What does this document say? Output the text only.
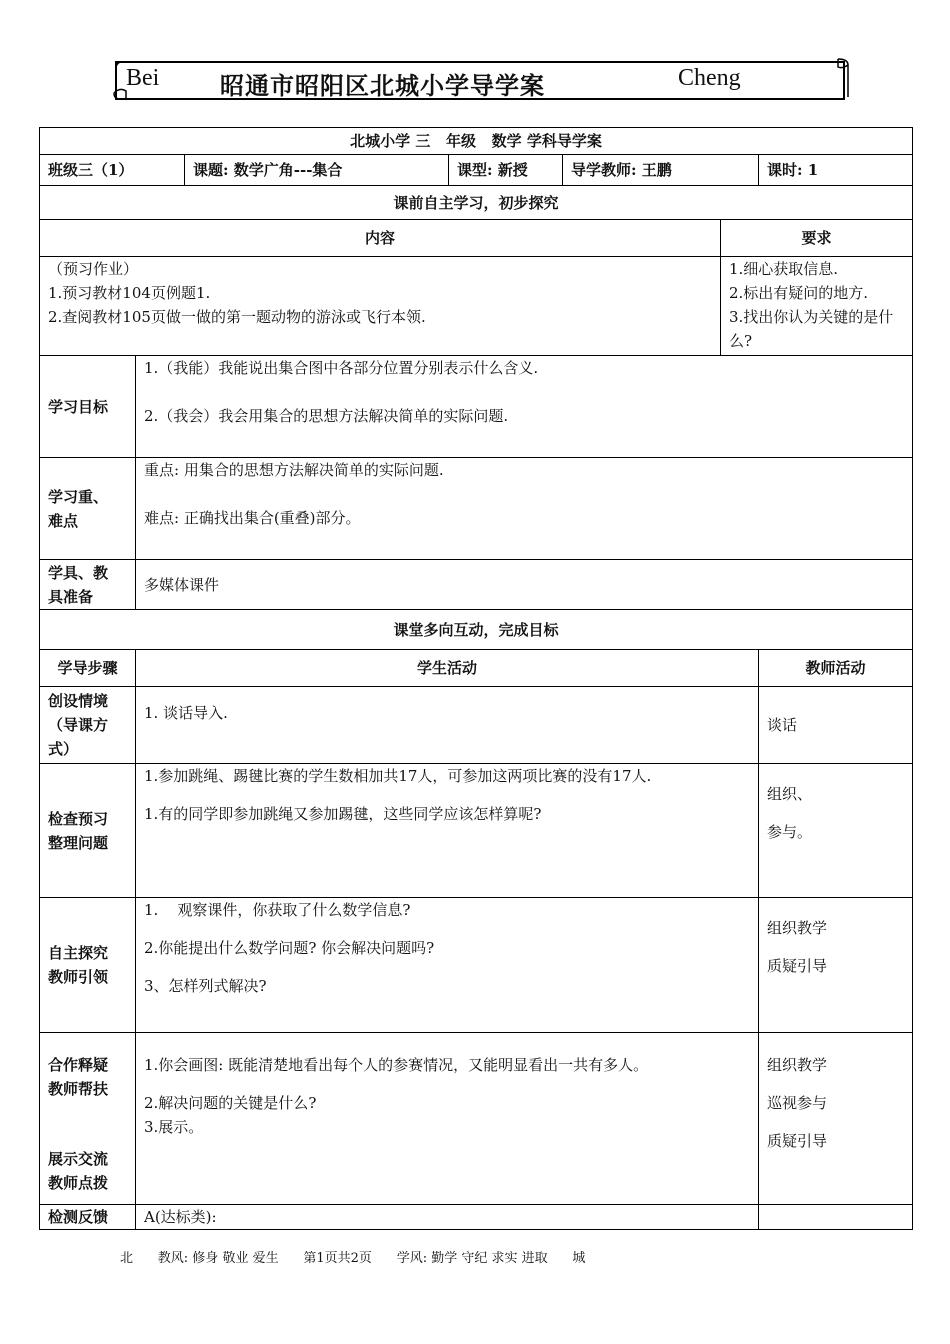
Bei	昭通市昭阳区北城小学导学案	Cheng
北城小学 三   年级   数学 学科导学案						
班级三（1）		课题: 数学广角---集合	课型: 新授	导学教师: 王鹏		课时: 1
课前自主学习，初步探究						
内容					要求	

（预习作业）
1.预习教材104页例题1.
2.查阅教材105页做一做的第一题动物的游泳或飞行本领.					1.细心获取信息.
2.标出有疑问的地方.
3.找出你认为关键的是什么?	

学习目标	1.（我能）我能说出集合图中各部分位置分别表示什么含义.
2.（我会）我会用集合的思想方法解决简单的实际问题.					

学习重、
难点	重点: 用集合的思想方法解决简单的实际问题.
难点: 正确找出集合(重叠)部分。					

学具、教
具准备	多媒体课件					
课堂多向互动，完成目标						
学导步骤	学生活动					教师活动

创设情境
（导课方
式）	1. 谈话导入.					谈话

检查预习
整理问题	1.参加跳绳、踢毽比赛的学生数相加共17人，可参加这两项比赛的没有17人.
1.有的同学即参加跳绳又参加踢毽，这些同学应该怎样算呢?					组织、
参与。

自主探究
教师引领	1.    观察课件，你获取了什么数学信息?
2.你能提出什么数学问题? 你会解决问题吗?
3、怎样列式解决?					组织教学
质疑引导

合作释疑
教师帮扶
展示交流
教师点拨	1.你会画图: 既能清楚地看出每个人的参赛情况，又能明显看出一共有多人。
2.解决问题的关键是什么?
3.展示。					组织教学
巡视参与
质疑引导

检测反馈	A(达标类):					
北      教风: 修身 敬业 爱生      第1页共2页      学风: 勤学 守纪 求实 进取      城
